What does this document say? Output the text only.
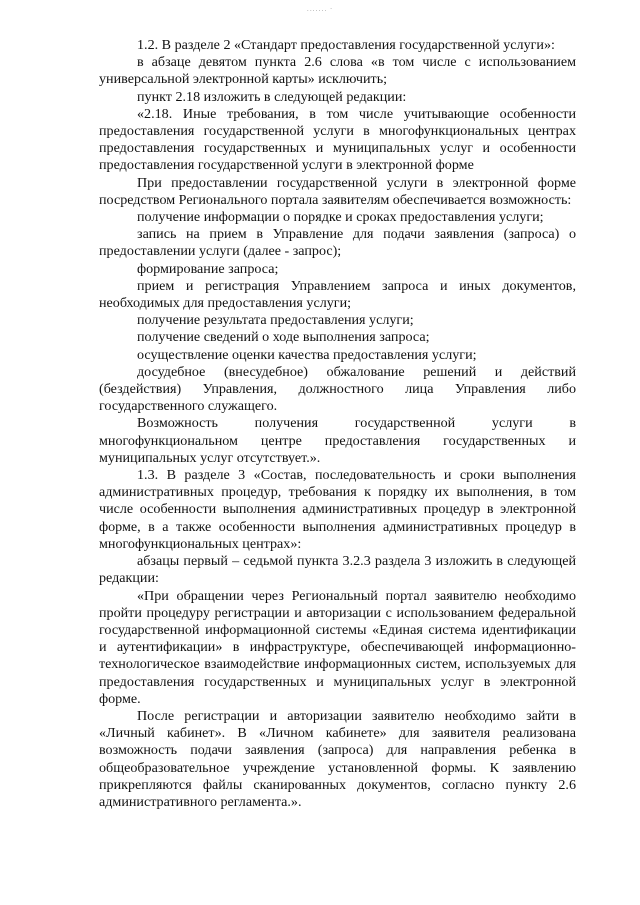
....... ·

1.2. В разделе 2 «Стандарт предоставления государственной услуги»:

в абзаце девятом пункта 2.6 слова «в том числе с использованием универсальной электронной карты» исключить;

пункт 2.18 изложить в следующей редакции:

«2.18. Иные требования, в том числе учитывающие особенности предоставления государственной услуги в многофункциональных центрах предоставления государственных и муниципальных услуг и особенности предоставления государственной услуги в электронной форме

При предоставлении государственной услуги в электронной форме посредством Регионального портала заявителям обеспечивается возможность:

получение информации о порядке и сроках предоставления услуги;

запись на прием в Управление для подачи заявления (запроса) о предоставлении услуги (далее - запрос);

формирование запроса;

прием и регистрация Управлением запроса и иных документов, необходимых для предоставления услуги;

получение результата предоставления услуги;

получение сведений о ходе выполнения запроса;

осуществление оценки качества предоставления услуги;

досудебное (внесудебное) обжалование решений и действий (бездействия) Управления, должностного лица Управления либо государственного служащего.

Возможность получения государственной услуги в многофункциональном центре предоставления государственных и муниципальных услуг отсутствует.».

1.3. В разделе 3 «Состав, последовательность и сроки выполнения административных процедур, требования к порядку их выполнения, в том числе особенности выполнения административных процедур в электронной форме, в а также особенности выполнения административных процедур в многофункциональных центрах»:

абзацы первый – седьмой пункта 3.2.3 раздела 3 изложить в следующей редакции:

«При обращении через Региональный портал заявителю необходимо пройти процедуру регистрации и авторизации с использованием федеральной государственной информационной системы «Единая система идентификации и аутентификации» в инфраструктуре, обеспечивающей информационно-технологическое взаимодействие информационных систем, используемых для предоставления государственных и муниципальных услуг в электронной форме.

После регистрации и авторизации заявителю необходимо зайти в «Личный кабинет». В «Личном кабинете» для заявителя реализована возможность подачи заявления (запроса) для направления ребенка в общеобразовательное учреждение установленной формы. К заявлению прикрепляются файлы сканированных документов, согласно пункту 2.6 административного регламента.».
